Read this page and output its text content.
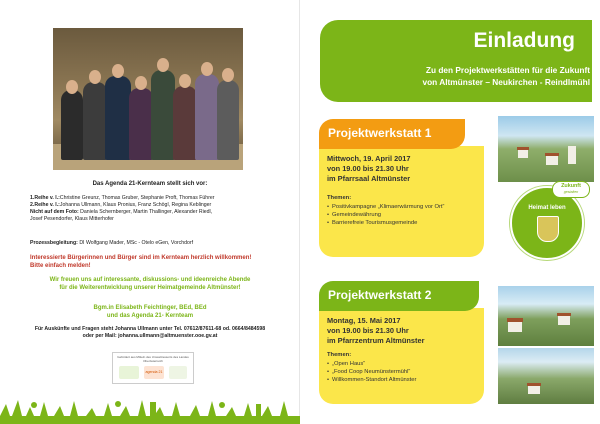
Das Agenda 21-Kernteam stellt sich vor:
1.Reihe v. l.:Christine Greunz, Thomas Gruber, Stephanie Proft, Thomas Führer
2.Reihe v. l.:Johanna Ullmann, Klaus Pronius, Franz Schögl, Regina Keblinger
Nicht auf dem Foto: Daniela Schernberger, Martin Thallinger, Alexander Riedl,
Josef Pesendorfer, Klaus Mitterhofer
Prozessbegleitung: DI Wolfgang Mader, MSc - Otelo eGen, Vorchdorf
Interessierte Bürgerinnen und Bürger sind im Kernteam herzlich willkommen!
Bitte einfach melden!
Wir freuen uns auf interessante, diskussions- und ideenreiche Abende
für die Weiterentwicklung unserer Heimatgemeinde Altmünster!
Bgm.in Elisabeth Feichtinger, BEd, BEd
und das Agenda 21- Kernteam
Für Auskünfte und Fragen steht Johanna Ullmann unter Tel. 07612/87611-68 od. 0664/8484598
oder per Mail: johanna.ullmann@altmuenster.ooe.gv.at
Gefördert aus Mitteln des Umweltressorts des Landes Oberösterreich
agenda 21
Einladung
Zu den Projektwerkstätten für die Zukunft
von Altmünster – Neukirchen - Reindlmühl
Mittwoch, 19. April 2017
von 19.00 bis 21.30 Uhr
im Pfarrsaal Altmünster
Themen:
• Positivkampagne „Klimaerwärmung vor Ort“
• Gemeindewährung
• Barrierefreie Tourismusgemeinde
Projektwerkstatt 1
Montag, 15. Mai 2017
von 19.00 bis 21.30 Uhr
im Pfarrzentrum Altmünster
Themen:
• „Open Haus“
• „Food Coop Neumünstermühl“
• Willkommen-Standort Altmünster
Projektwerkstatt 2
Heimat leben
Zukunft
gestalten
